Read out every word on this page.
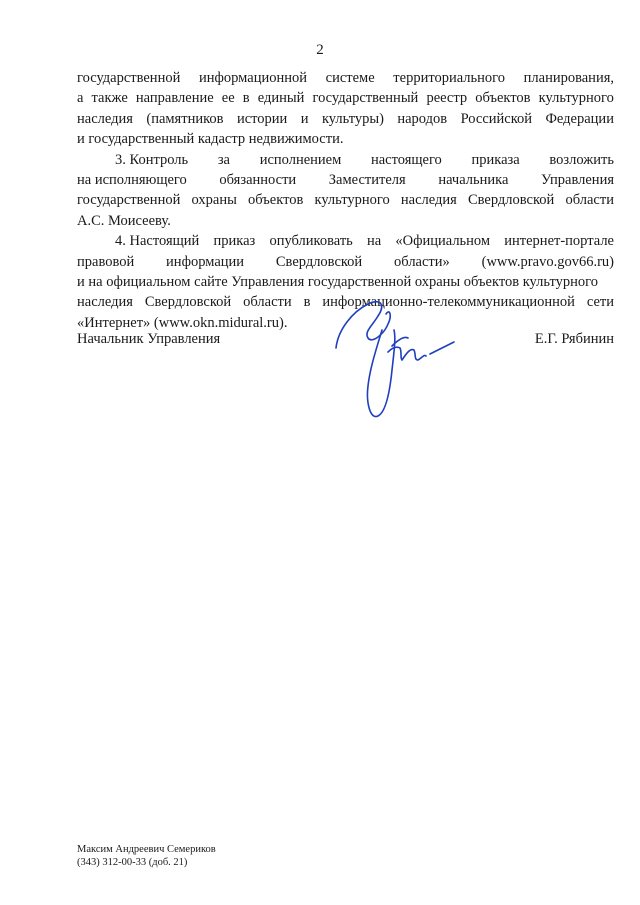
2
государственной информационной системе территориального планирования,
а также направление ее в единый государственный реестр объектов культурного
наследия (памятников истории и культуры) народов Российской Федерации
и государственный кадастр недвижимости.
3. Контроль за исполнением настоящего приказа возложить
на исполняющего обязанности Заместителя начальника Управления
государственной охраны объектов культурного наследия Свердловской области
А.С. Моисееву.
4. Настоящий приказ опубликовать на «Официальном интернет-портале
правовой информации Свердловской области» (www.pravo.gov66.ru)
и на официальном сайте Управления государственной охраны объектов культурного
наследия Свердловской области в информационно-телекоммуникационной сети
«Интернет» (www.okn.midural.ru).
Начальник Управления	Е.Г. Рябинин
Максим Андреевич Семериков
(343) 312-00-33 (доб. 21)
